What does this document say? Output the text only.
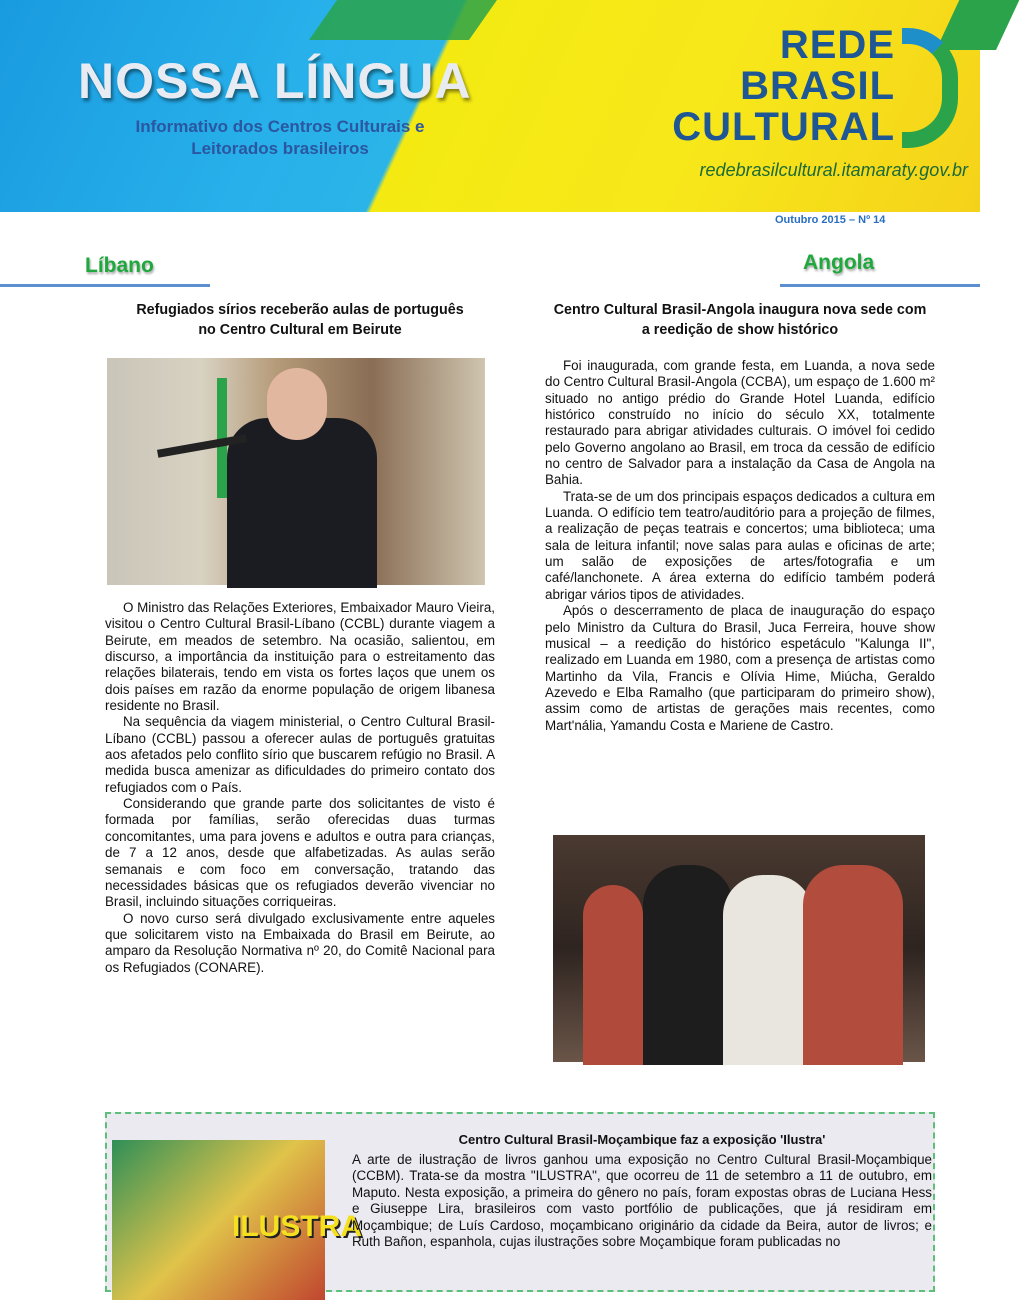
NOSSA LÍNGUA
Informativo dos Centros Culturais e
Leitorados brasileiros
REDE
BRASIL
CULTURAL
redebrasilcultural.itamaraty.gov.br
Outubro 2015 – Nº 14
Líbano	Angola
Refugiados sírios receberão aulas de português no Centro Cultural em Beirute

O Ministro das Relações Exteriores, Embaixador Mauro Vieira, visitou o Centro Cultural Brasil-Líbano (CCBL) durante viagem a Beirute, em meados de setembro. Na ocasião, salientou, em discurso, a importância da instituição para o estreitamento das relações bilaterais, tendo em vista os fortes laços que unem os dois países em razão da enorme população de origem libanesa residente no Brasil.

Na sequência da viagem ministerial, o Centro Cultural Brasil-Líbano (CCBL) passou a oferecer aulas de português gratuitas aos afetados pelo conflito sírio que buscarem refúgio no Brasil. A medida busca amenizar as dificuldades do primeiro contato dos refugiados com o País.

Considerando que grande parte dos solicitantes de visto é formada por famílias, serão oferecidas duas turmas concomitantes, uma para jovens e adultos e outra para crianças, de 7 a 12 anos, desde que alfabetizadas. As aulas serão semanais e com foco em conversação, tratando das necessidades básicas que os refugiados deverão vivenciar no Brasil, incluindo situações corriqueiras.

O novo curso será divulgado exclusivamente entre aqueles que solicitarem visto na Embaixada do Brasil em Beirute, ao amparo da Resolução Normativa nº 20, do Comitê Nacional para os Refugiados (CONARE).

Centro Cultural Brasil-Angola inaugura nova sede com a reedição de show histórico

Foi inaugurada, com grande festa, em Luanda, a nova sede do Centro Cultural Brasil-Angola (CCBA), um espaço de 1.600 m² situado no antigo prédio do Grande Hotel Luanda, edifício histórico construído no início do século XX, totalmente restaurado para abrigar atividades culturais. O imóvel foi cedido pelo Governo angolano ao Brasil, em troca da cessão de edifício no centro de Salvador para a instalação da Casa de Angola na Bahia.

Trata-se de um dos principais espaços dedicados a cultura em Luanda. O edifício tem teatro/auditório para a projeção de filmes, a realização de peças teatrais e concertos; uma biblioteca; uma sala de leitura infantil; nove salas para aulas e oficinas de arte; um salão de exposições de artes/fotografia e um café/lanchonete. A área externa do edifício também poderá abrigar vários tipos de atividades.

Após o descerramento de placa de inauguração do espaço pelo Ministro da Cultura do Brasil, Juca Ferreira, houve show musical – a reedição do histórico espetáculo "Kalunga II", realizado em Luanda em 1980, com a presença de artistas como Martinho da Vila, Francis e Olívia Hime, Miúcha, Geraldo Azevedo e Elba Ramalho (que participaram do primeiro show), assim como de artistas de gerações mais recentes, como Mart'nália, Yamandu Costa e Mariene de Castro.

ILUSTRA
Centro Cultural Brasil-Moçambique faz a exposição 'Ilustra'

A arte de ilustração de livros ganhou uma exposição no Centro Cultural Brasil-Moçambique (CCBM). Trata-se da mostra "ILUSTRA", que ocorreu de 11 de setembro a 11 de outubro, em Maputo. Nesta exposição, a primeira do gênero no país, foram expostas obras de Luciana Hess e Giuseppe Lira, brasileiros com vasto portfólio de publicações, que já residiram em Moçambique; de Luís Cardoso, moçambicano originário da cidade da Beira, autor de livros; e Ruth Bañon, espanhola, cujas ilustrações sobre Moçambique foram publicadas no
